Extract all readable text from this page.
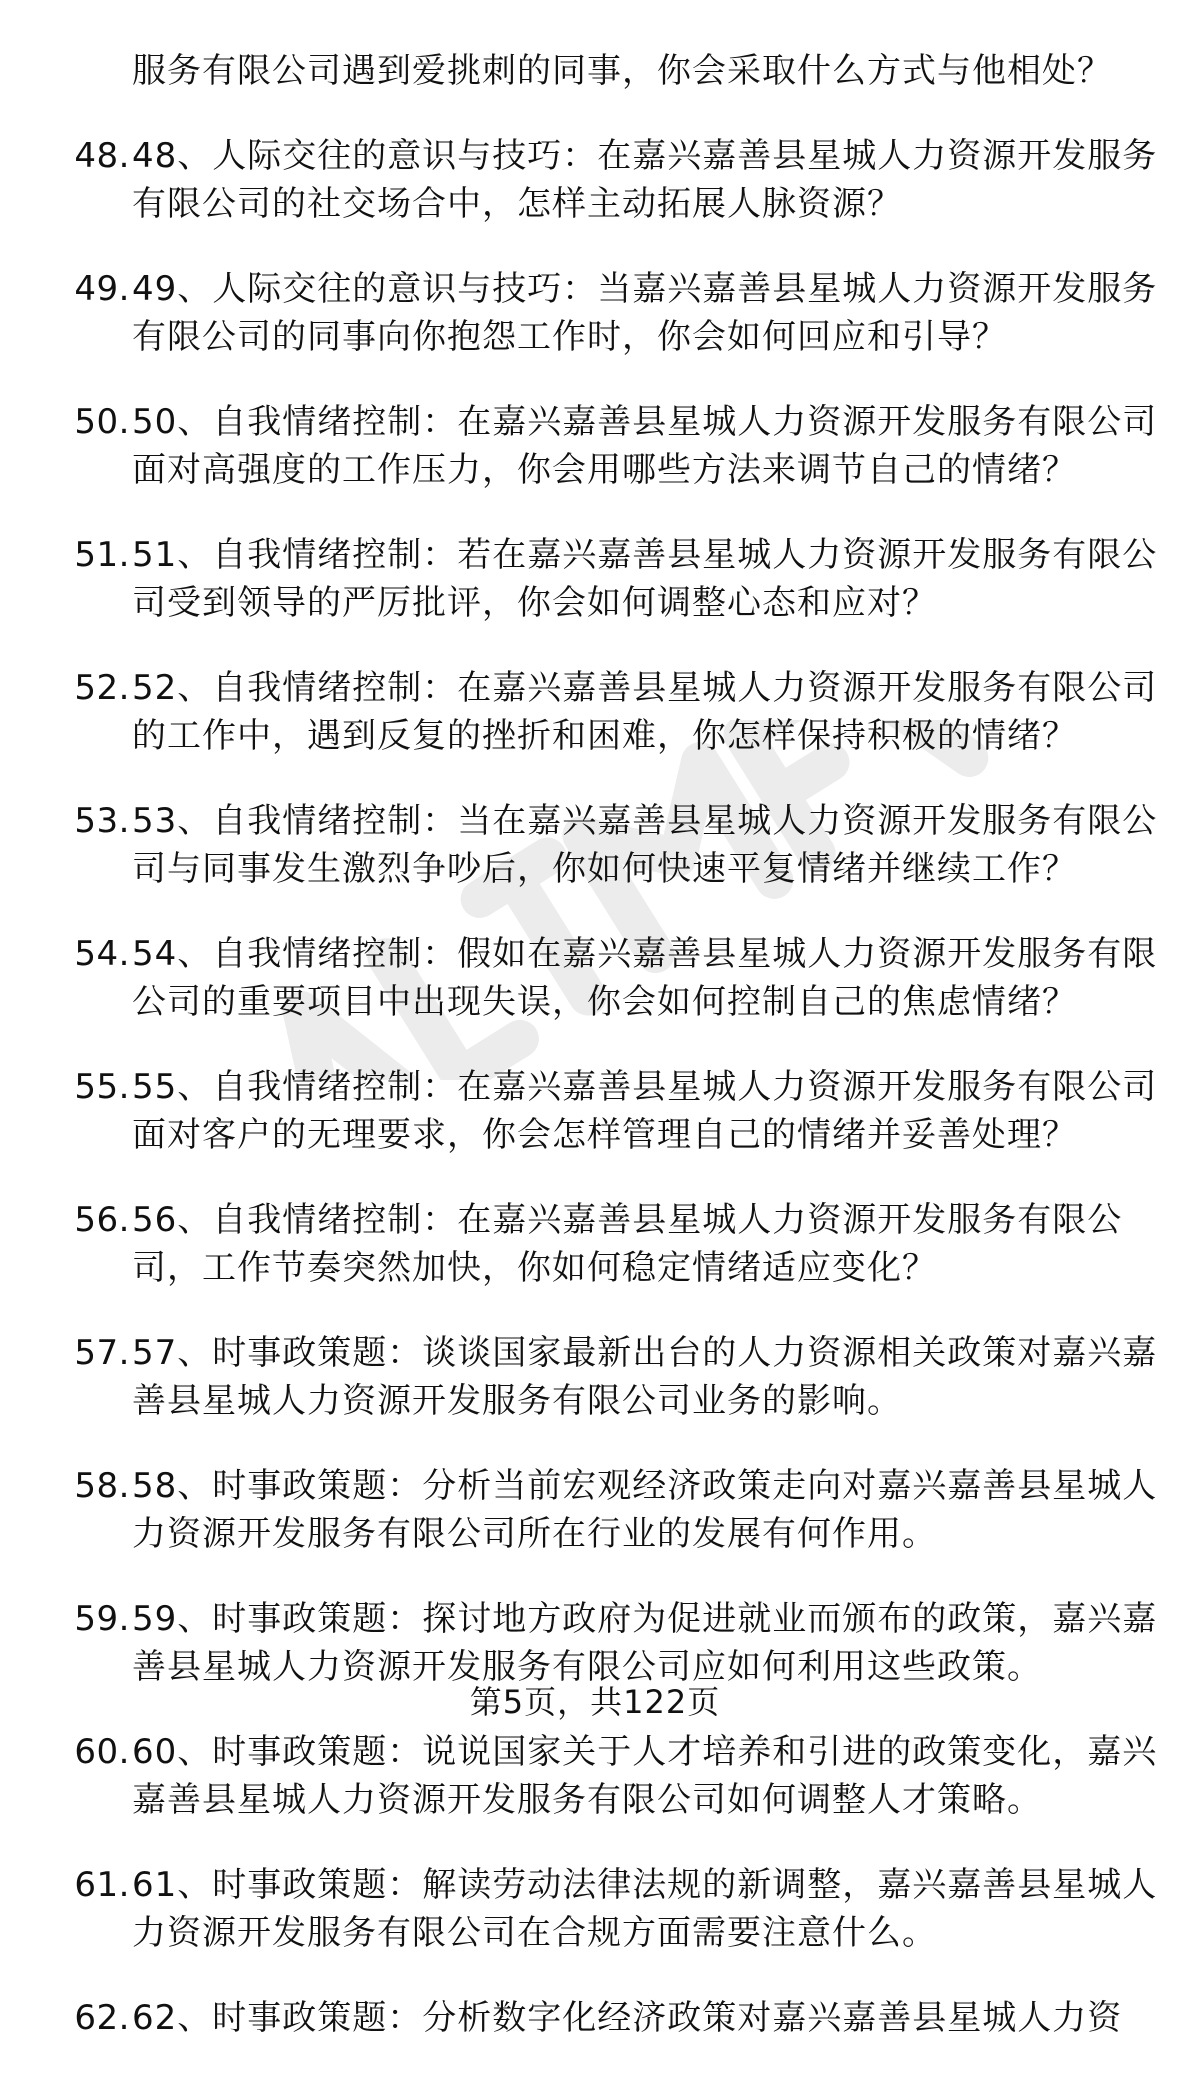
服务有限公司遇到爱挑刺的同事，你会采取什么方式与他相处？
48. 48、人际交往的意识与技巧：在嘉兴嘉善县星城人力资源开发服务有限公司的社交场合中，怎样主动拓展人脉资源？
49. 49、人际交往的意识与技巧：当嘉兴嘉善县星城人力资源开发服务有限公司的同事向你抱怨工作时，你会如何回应和引导？
50. 50、自我情绪控制：在嘉兴嘉善县星城人力资源开发服务有限公司面对高强度的工作压力，你会用哪些方法来调节自己的情绪？
51. 51、自我情绪控制：若在嘉兴嘉善县星城人力资源开发服务有限公司受到领导的严厉批评，你会如何调整心态和应对？
52. 52、自我情绪控制：在嘉兴嘉善县星城人力资源开发服务有限公司的工作中，遇到反复的挫折和困难，你怎样保持积极的情绪？
53. 53、自我情绪控制：当在嘉兴嘉善县星城人力资源开发服务有限公司与同事发生激烈争吵后，你如何快速平复情绪并继续工作？
54. 54、自我情绪控制：假如在嘉兴嘉善县星城人力资源开发服务有限公司的重要项目中出现失误，你会如何控制自己的焦虑情绪？
55. 55、自我情绪控制：在嘉兴嘉善县星城人力资源开发服务有限公司面对客户的无理要求，你会怎样管理自己的情绪并妥善处理？
56. 56、自我情绪控制：在嘉兴嘉善县星城人力资源开发服务有限公司，工作节奏突然加快，你如何稳定情绪适应变化？
57. 57、时事政策题：谈谈国家最新出台的人力资源相关政策对嘉兴嘉善县星城人力资源开发服务有限公司业务的影响。
58. 58、时事政策题：分析当前宏观经济政策走向对嘉兴嘉善县星城人力资源开发服务有限公司所在行业的发展有何作用。
59. 59、时事政策题：探讨地方政府为促进就业而颁布的政策，嘉兴嘉善县星城人力资源开发服务有限公司应如何利用这些政策。
60. 60、时事政策题：说说国家关于人才培养和引进的政策变化，嘉兴嘉善县星城人力资源开发服务有限公司如何调整人才策略。
61. 61、时事政策题：解读劳动法律法规的新调整，嘉兴嘉善县星城人力资源开发服务有限公司在合规方面需要注意什么。
62. 62、时事政策题：分析数字化经济政策对嘉兴嘉善县星城人力资
第5页，共122页
